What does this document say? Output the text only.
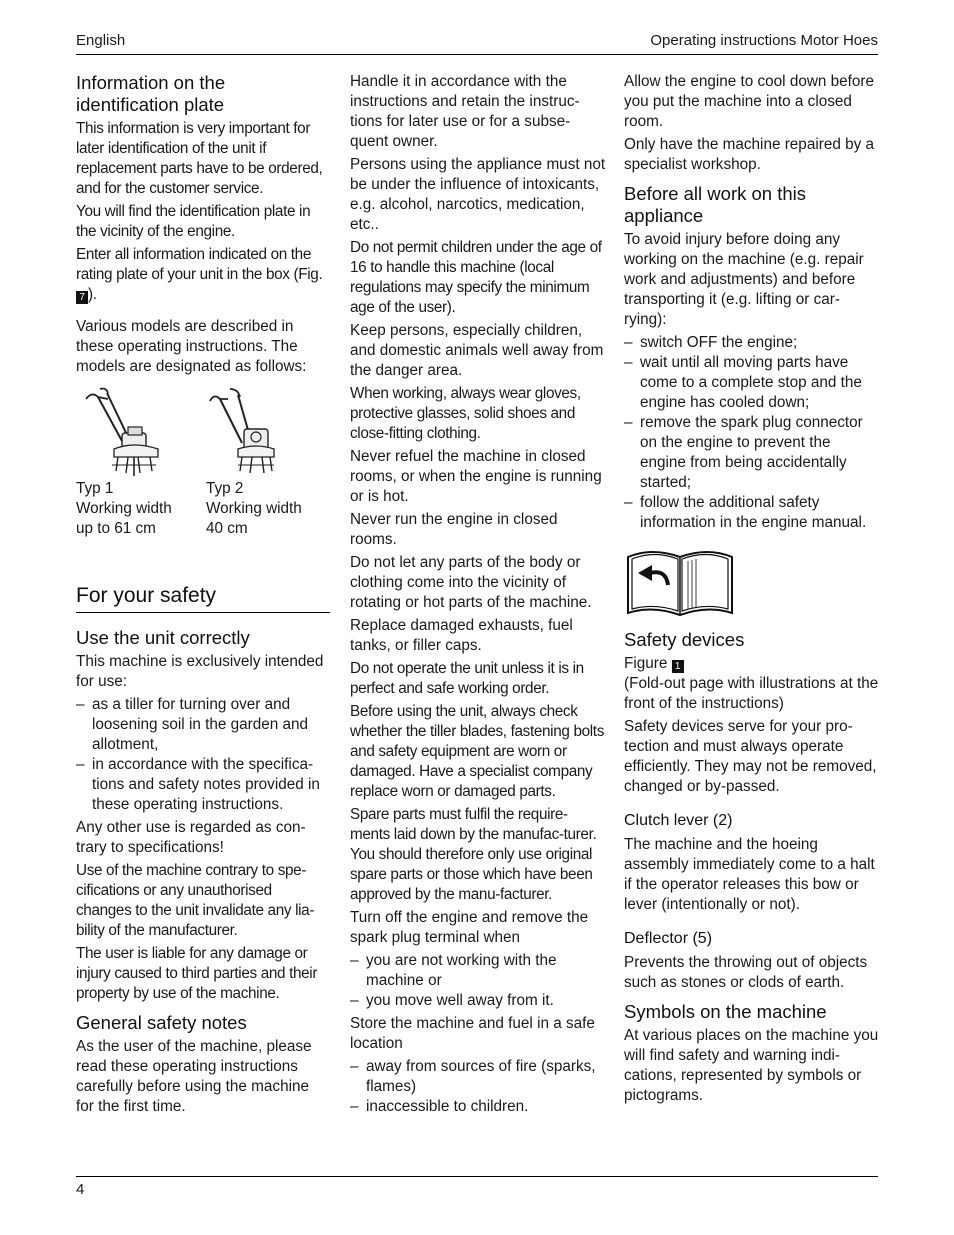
English	Operating instructions Motor Hoes
Information on the identification plate

This information is very important for later identification of the unit if replacement parts have to be ordered, and for the customer service.

You will find the identification plate in the vicinity of the engine.

Enter all information indicated on the rating plate of your unit in the box (Fig. 7 ).

Various models are described in these operating instructions. The models are designated as follows:

Typ 1
Working width
up to 61 cm
Typ 2
Working width
40 cm
For your safety
Use the unit correctly

This machine is exclusively intended for use:

– as a tiller for turning over and loosening soil in the garden and allotment,
– in accordance with the specifica-tions and safety notes provided in these operating instructions.

Any other use is regarded as con-trary to specifications!

Use of the machine contrary to spe-cifications or any unauthorised changes to the unit invalidate any lia-bility of the manufacturer.

The user is liable for any damage or injury caused to third parties and their property by use of the machine.

General safety notes

As the user of the machine, please read these operating instructions carefully before using the machine for the first time.

Handle it in accordance with the instructions and retain the instruc-tions for later use or for a subse-quent owner.

Persons using the appliance must not be under the influence of intoxicants, e.g. alcohol, narcotics, medication, etc..

Do not permit children under the age of 16 to handle this machine (local regulations may specify the minimum age of the user).

Keep persons, especially children, and domestic animals well away from the danger area.

When working, always wear gloves, protective glasses, solid shoes and close-fitting clothing.

Never refuel the machine in closed rooms, or when the engine is running or is hot.

Never run the engine in closed rooms.

Do not let any parts of the body or clothing come into the vicinity of rotating or hot parts of the machine.

Replace damaged exhausts, fuel tanks, or filler caps.

Do not operate the unit unless it is in perfect and safe working order.

Before using the unit, always check whether the tiller blades, fastening bolts and safety equipment are worn or damaged. Have a specialist company replace worn or damaged parts.

Spare parts must fulfil the require-ments laid down by the manufac-turer. You should therefore only use original spare parts or those which have been approved by the manu-facturer.

Turn off the engine and remove the spark plug terminal when

– you are not working with the machine or
– you move well away from it.

Store the machine and fuel in a safe location

– away from sources of fire (sparks, flames)
– inaccessible to children.

Allow the engine to cool down before you put the machine into a closed room.

Only have the machine repaired by a specialist workshop.

Before all work on this appliance

To avoid injury before doing any working on the machine (e.g. repair work and adjustments) and before transporting it (e.g. lifting or car-rying):

– switch OFF the engine;
– wait until all moving parts have come to a complete stop and the engine has cooled down;
– remove the spark plug connector on the engine to prevent the engine from being accidentally started;
– follow the additional safety information in the engine manual.
Safety devices

Figure 1

(Fold-out page with illustrations at the front of the instructions)

Safety devices serve for your pro-tection and must always operate efficiently. They may not be removed, changed or by-passed.

Clutch lever (2)

The machine and the hoeing assembly immediately come to a halt if the operator releases this bow or lever (intentionally or not).

Deflector (5)

Prevents the throwing out of objects such as stones or clods of earth.

Symbols on the machine

At various places on the machine you will find safety and warning indi-cations, represented by symbols or pictograms.

4
